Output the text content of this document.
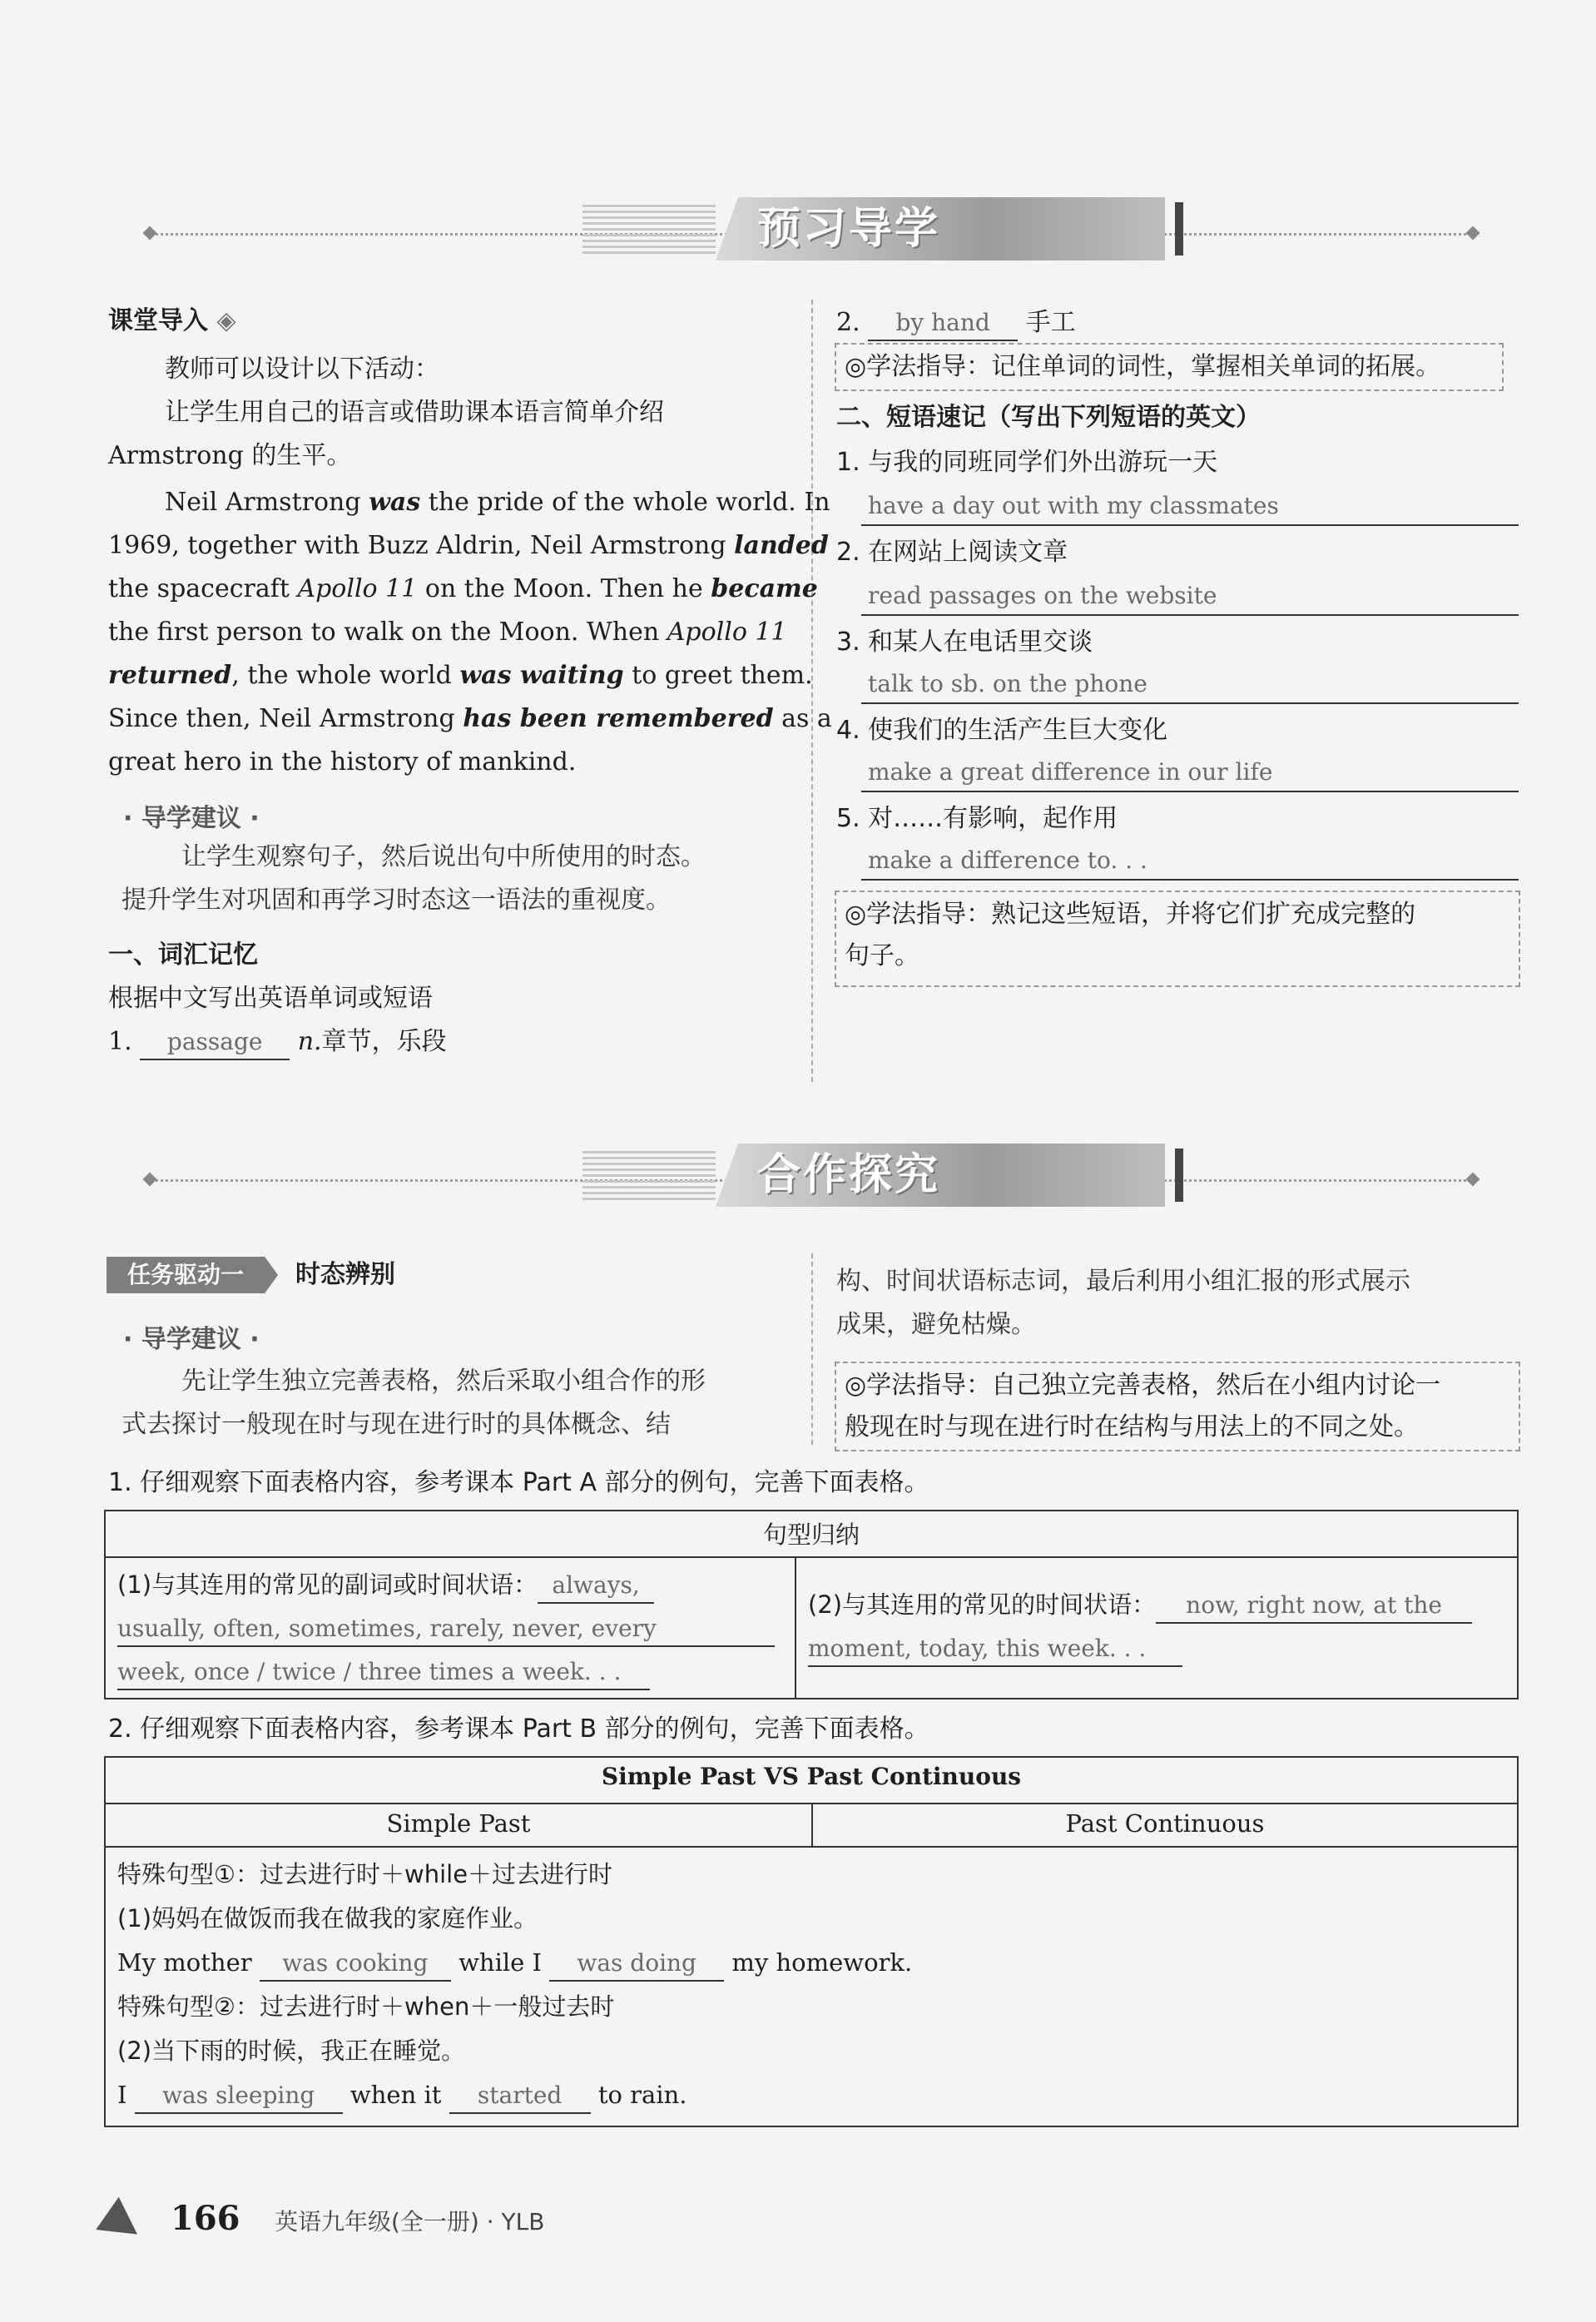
预习导学
课堂导入 ◈
教师可以设计以下活动：
让学生用自己的语言或借助课本语言简单介绍
Armstrong 的生平。
Neil Armstrong was the pride of the whole world. In
1969, together with Buzz Aldrin, Neil Armstrong landed
the spacecraft Apollo 11 on the Moon. Then he became
the first person to walk on the Moon. When Apollo 11
returned, the whole world was waiting to greet them.
Since then, Neil Armstrong has been remembered as a
great hero in the history of mankind.
· 导学建议 ·
让学生观察句子，然后说出句中所使用的时态。
提升学生对巩固和再学习时态这一语法的重视度。
一、词汇记忆
根据中文写出英语单词或短语
1. passage n.章节，乐段
2. by hand 手工
◎学法指导：记住单词的词性，掌握相关单词的拓展。
二、短语速记（写出下列短语的英文）
1. 与我的同班同学们外出游玩一天
have a day out with my classmates
2. 在网站上阅读文章
read passages on the website
3. 和某人在电话里交谈
talk to sb. on the phone
4. 使我们的生活产生巨大变化
make a great difference in our life
5. 对……有影响，起作用
make a difference to. . .
◎学法指导：熟记这些短语，并将它们扩充成完整的
句子。
合作探究
任务驱动一	时态辨别
· 导学建议 ·
先让学生独立完善表格，然后采取小组合作的形
式去探讨一般现在时与现在进行时的具体概念、结
构、时间状语标志词，最后利用小组汇报的形式展示
成果，避免枯燥。
◎学法指导：自己独立完善表格，然后在小组内讨论一
般现在时与现在进行时在结构与用法上的不同之处。
1. 仔细观察下面表格内容，参考课本 Part A 部分的例句，完善下面表格。
句型归纳
(1)与其连用的常见的副词或时间状语： always,
usually, often, sometimes, rarely, never, every
week, once / twice / three times a week. . .	(2)与其连用的常见的时间状语： now, right now, at the
moment, today, this week. . .
2. 仔细观察下面表格内容，参考课本 Part B 部分的例句，完善下面表格。
Simple Past VS Past Continuous
Simple Past	Past Continuous

特殊句型①：过去进行时＋while＋过去进行时
(1)妈妈在做饭而我在做我的家庭作业。
My mother was cooking while I was doing my homework.
特殊句型②：过去进行时＋when＋一般过去时
(2)当下雨的时候，我正在睡觉。
I was sleeping when it started to rain.
166 英语九年级(全一册) · YLB
